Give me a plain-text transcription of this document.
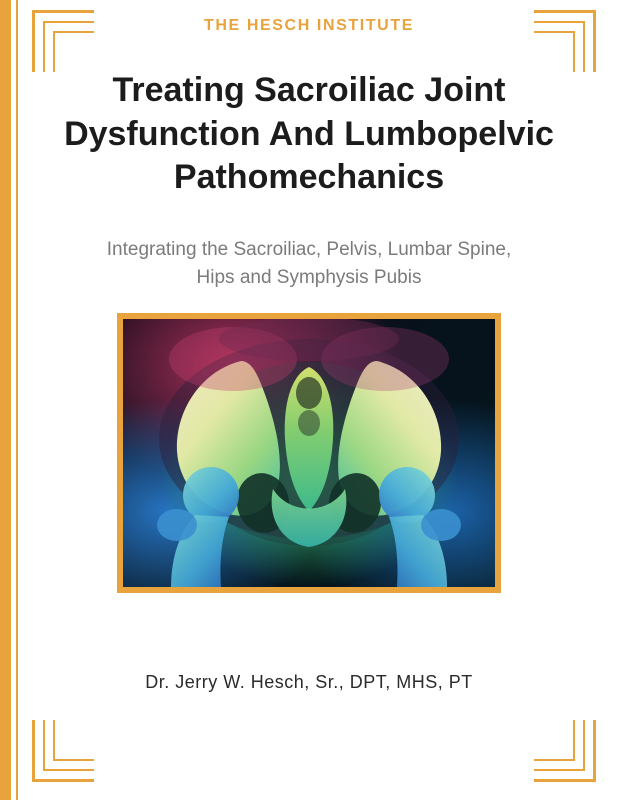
THE HESCH INSTITUTE
Treating Sacroiliac Joint Dysfunction And Lumbopelvic Pathomechanics
Integrating the Sacroiliac, Pelvis, Lumbar Spine, Hips and Symphysis Pubis
Dr. Jerry W. Hesch, Sr., DPT, MHS, PT
